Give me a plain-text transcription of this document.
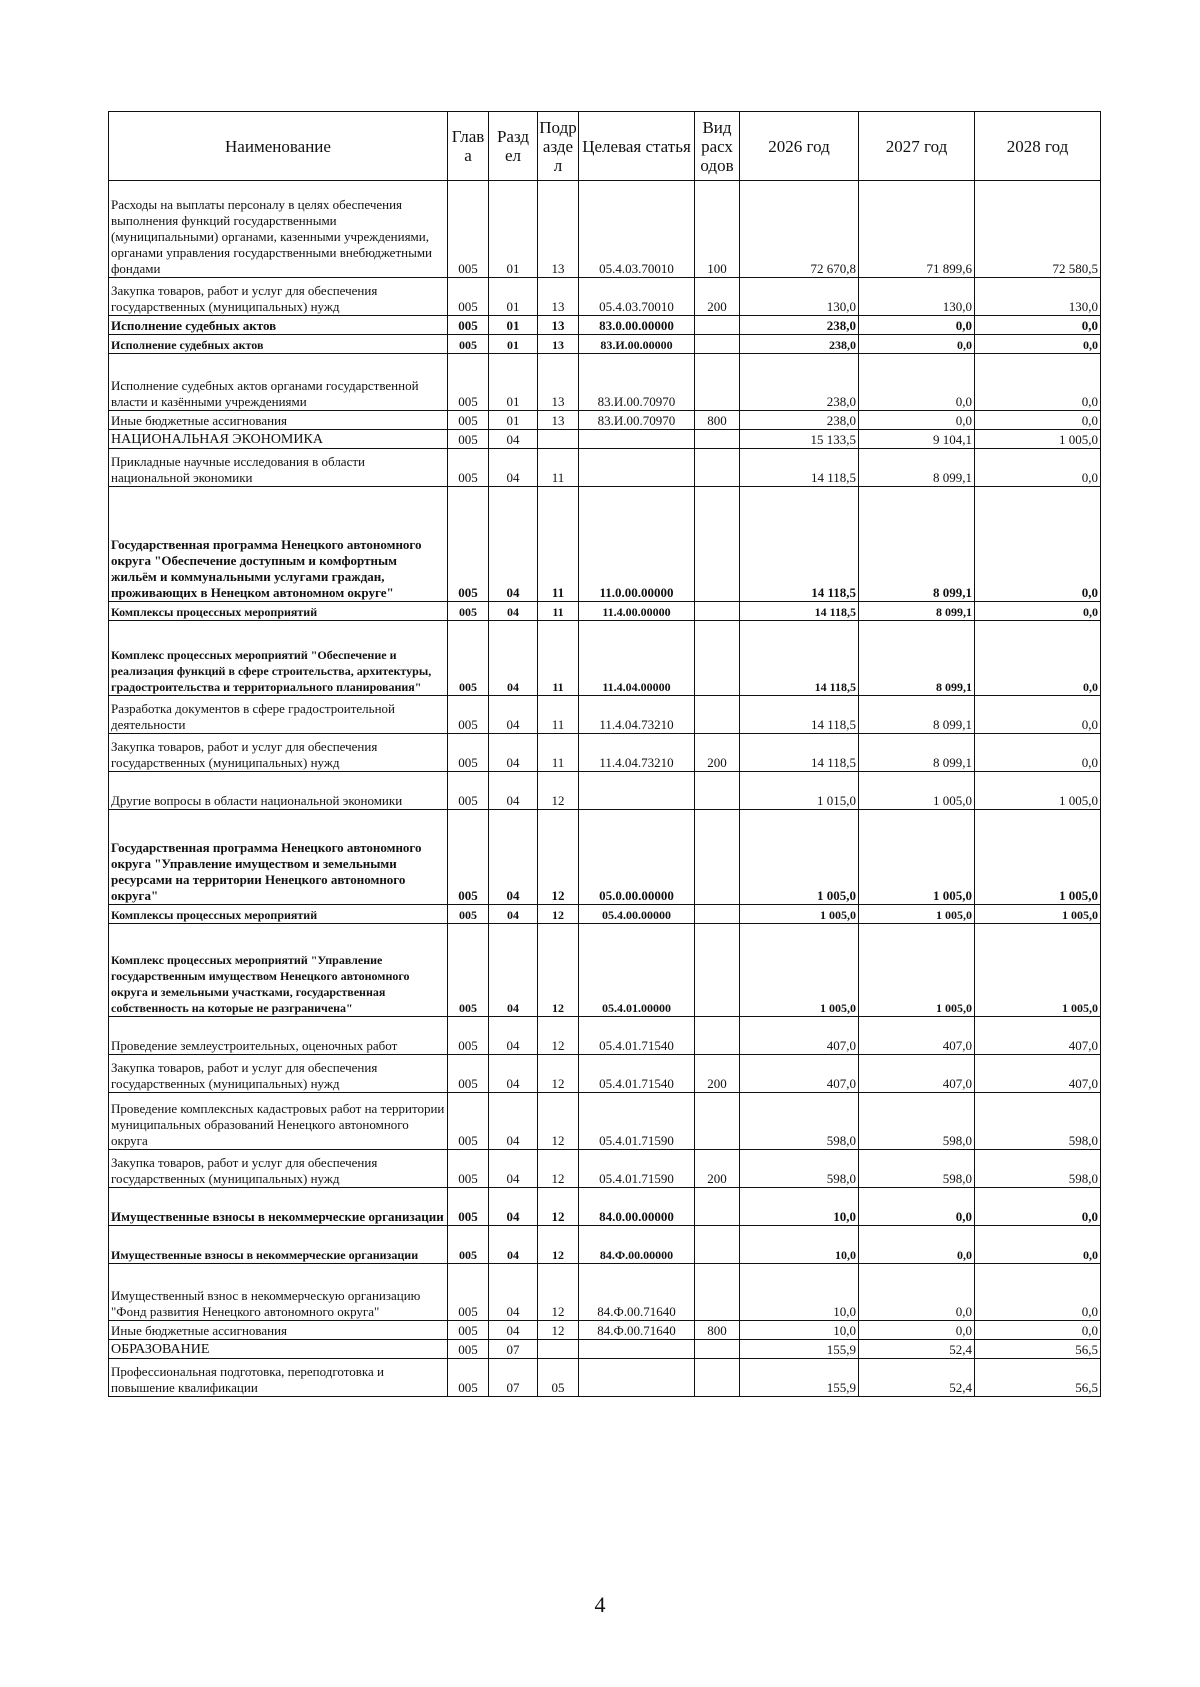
Наименование	Глав а	Разд ел	Подр азде л	Целевая статья	Вид расх одов	2026 год	2027 год	2028 год
Расходы на выплаты персоналу в целях обеспечения выполнения функций государственными (муниципальными) органами, казенными учреждениями, органами управления государственными внебюджетными фондами	005	01	13	05.4.03.70010	100	72 670,8	71 899,6	72 580,5
Закупка товаров, работ и услуг для обеспечения государственных (муниципальных) нужд	005	01	13	05.4.03.70010	200	130,0	130,0	130,0
Исполнение судебных актов	005	01	13	83.0.00.00000		238,0	0,0	0,0
Исполнение судебных актов	005	01	13	83.И.00.00000		238,0	0,0	0,0
Исполнение судебных актов органами государственной власти и казёнными учреждениями	005	01	13	83.И.00.70970		238,0	0,0	0,0
Иные бюджетные ассигнования	005	01	13	83.И.00.70970	800	238,0	0,0	0,0
НАЦИОНАЛЬНАЯ ЭКОНОМИКА	005	04				15 133,5	9 104,1	1 005,0
Прикладные научные исследования в области национальной экономики	005	04	11			14 118,5	8 099,1	0,0
Государственная программа Ненецкого автономного округа "Обеспечение доступным и комфортным жильём и коммунальными услугами граждан, проживающих в Ненецком автономном округе"	005	04	11	11.0.00.00000		14 118,5	8 099,1	0,0
Комплексы процессных мероприятий	005	04	11	11.4.00.00000		14 118,5	8 099,1	0,0
Комплекс процессных мероприятий "Обеспечение и реализация функций в сфере строительства, архитектуры, градостроительства и территориального планирования"	005	04	11	11.4.04.00000		14 118,5	8 099,1	0,0
Разработка документов в сфере градостроительной деятельности	005	04	11	11.4.04.73210		14 118,5	8 099,1	0,0
Закупка товаров, работ и услуг для обеспечения государственных (муниципальных) нужд	005	04	11	11.4.04.73210	200	14 118,5	8 099,1	0,0
Другие вопросы в области национальной экономики	005	04	12			1 015,0	1 005,0	1 005,0
Государственная программа Ненецкого автономного округа "Управление имуществом и земельными ресурсами на территории Ненецкого автономного округа"	005	04	12	05.0.00.00000		1 005,0	1 005,0	1 005,0
Комплексы процессных мероприятий	005	04	12	05.4.00.00000		1 005,0	1 005,0	1 005,0
Комплекс процессных мероприятий "Управление государственным имуществом Ненецкого автономного округа и земельными участками, государственная собственность на которые не разграничена"	005	04	12	05.4.01.00000		1 005,0	1 005,0	1 005,0
Проведение землеустроительных, оценочных работ	005	04	12	05.4.01.71540		407,0	407,0	407,0
Закупка товаров, работ и услуг для обеспечения государственных (муниципальных) нужд	005	04	12	05.4.01.71540	200	407,0	407,0	407,0
Проведение комплексных кадастровых работ на территории муниципальных образований Ненецкого автономного округа	005	04	12	05.4.01.71590		598,0	598,0	598,0
Закупка товаров, работ и услуг для обеспечения государственных (муниципальных) нужд	005	04	12	05.4.01.71590	200	598,0	598,0	598,0
Имущественные взносы в некоммерческие организации	005	04	12	84.0.00.00000		10,0	0,0	0,0
Имущественные взносы в некоммерческие организации	005	04	12	84.Ф.00.00000		10,0	0,0	0,0
Имущественный взнос в некоммерческую организацию "Фонд развития Ненецкого автономного округа"	005	04	12	84.Ф.00.71640		10,0	0,0	0,0
Иные бюджетные ассигнования	005	04	12	84.Ф.00.71640	800	10,0	0,0	0,0
ОБРАЗОВАНИЕ	005	07				155,9	52,4	56,5
Профессиональная подготовка, переподготовка и повышение квалификации	005	07	05			155,9	52,4	56,5
4
